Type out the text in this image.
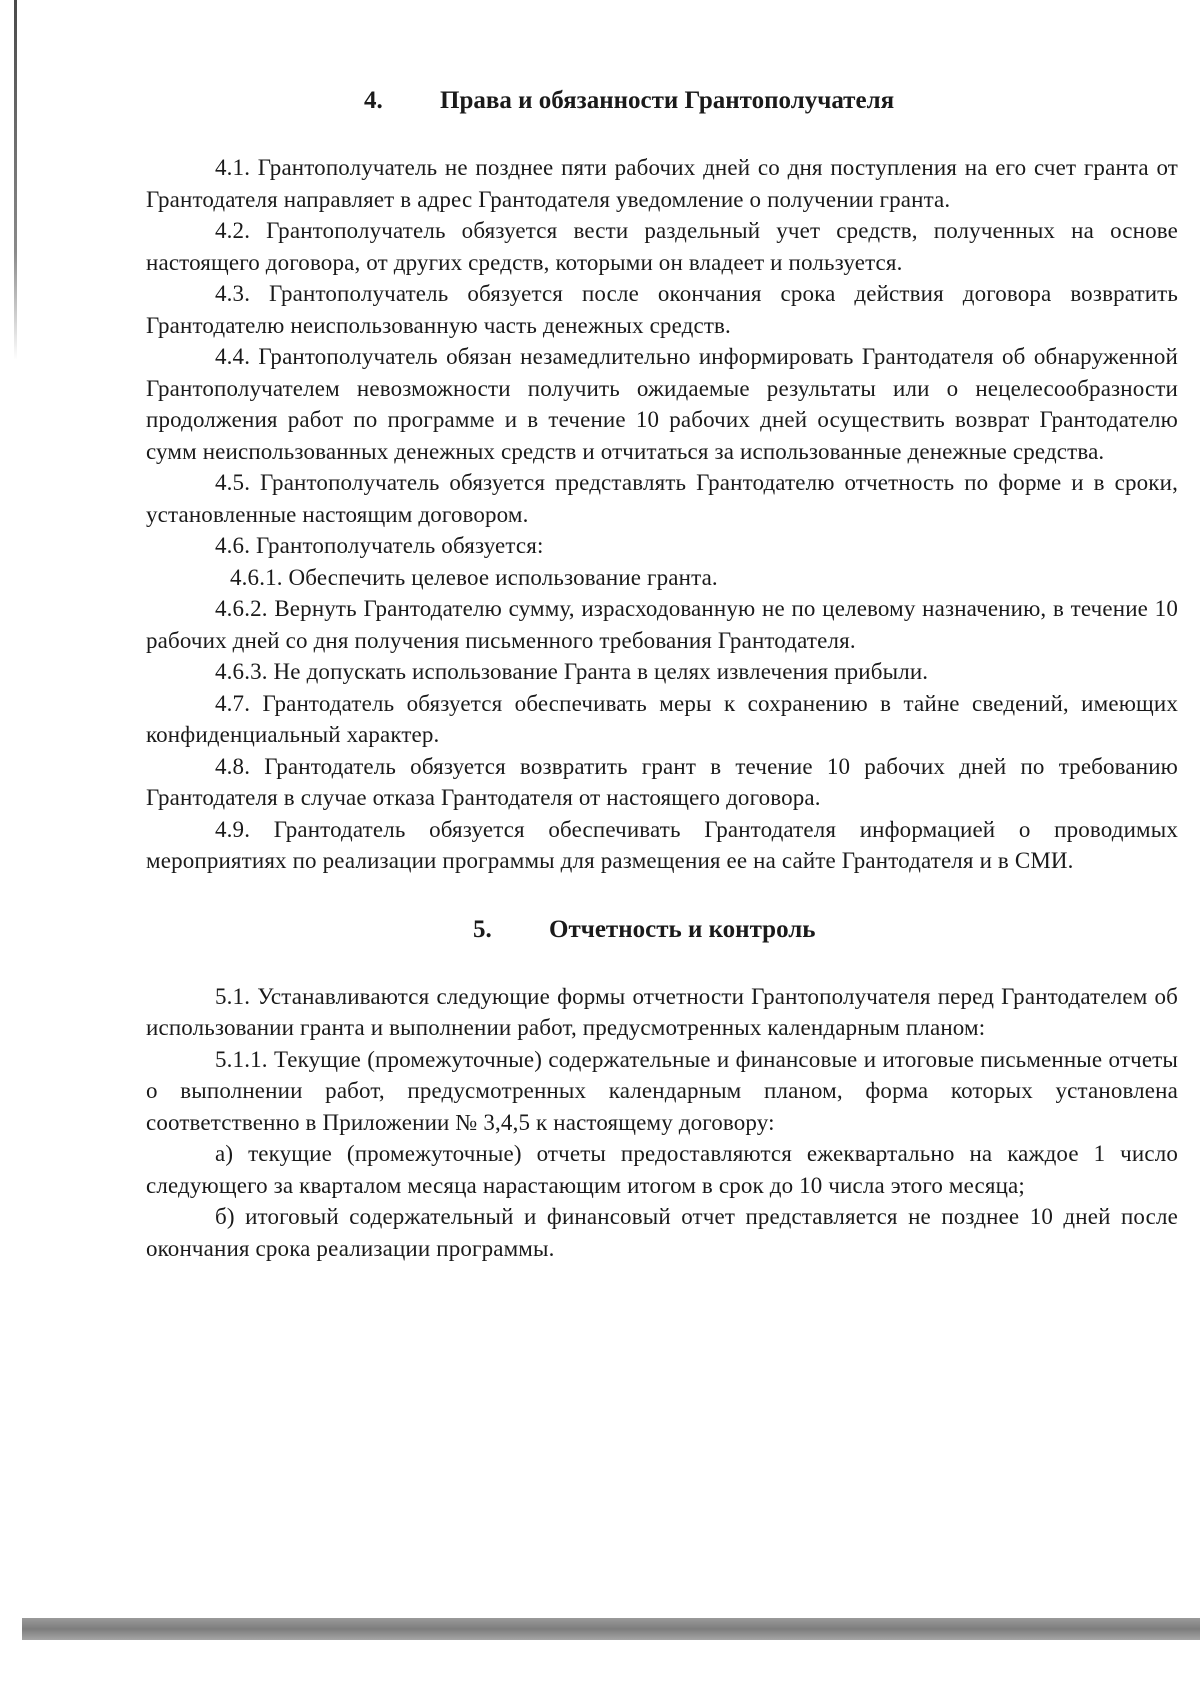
4. Права и обязанности Грантополучателя

4.1. Грантополучатель не позднее пяти рабочих дней со дня поступления на его счет гранта от Грантодателя направляет в адрес Грантодателя уведомление о получении гранта.

4.2. Грантополучатель обязуется вести раздельный учет средств, полученных на основе настоящего договора, от других средств, которыми он владеет и пользуется.

4.3. Грантополучатель обязуется после окончания срока действия договора возвратить Грантодателю неиспользованную часть денежных средств.

4.4. Грантополучатель обязан незамедлительно информировать Грантодателя об обнаруженной Грантополучателем невозможности получить ожидаемые результаты или о нецелесообразности продолжения работ по программе и в течение 10 рабочих дней осуществить возврат Грантодателю сумм неиспользованных денежных средств и отчитаться за использованные денежные средства.

4.5. Грантополучатель обязуется представлять Грантодателю отчетность по форме и в сроки, установленные настоящим договором.

4.6. Грантополучатель обязуется:

4.6.1. Обеспечить целевое использование гранта.

4.6.2. Вернуть Грантодателю сумму, израсходованную не по целевому назначению, в течение 10 рабочих дней со дня получения письменного требования Грантодателя.

4.6.3. Не допускать использование Гранта в целях извлечения прибыли.

4.7. Грантодатель обязуется обеспечивать меры к сохранению в тайне сведений, имеющих конфиденциальный характер.

4.8. Грантодатель обязуется возвратить грант в течение 10 рабочих дней по требованию Грантодателя в случае отказа Грантодателя от настоящего договора.

4.9. Грантодатель обязуется обеспечивать Грантодателя информацией о проводимых мероприятиях по реализации программы для размещения ее на сайте Грантодателя и в СМИ.

5. Отчетность и контроль

5.1. Устанавливаются следующие формы отчетности Грантополучателя перед Грантодателем об использовании гранта и выполнении работ, предусмотренных календарным планом:

5.1.1. Текущие (промежуточные) содержательные и финансовые и итоговые письменные отчеты о выполнении работ, предусмотренных календарным планом, форма которых установлена соответственно в Приложении № 3,4,5 к настоящему договору:

а) текущие (промежуточные) отчеты предоставляются ежеквартально на каждое 1 число следующего за кварталом месяца нарастающим итогом в срок до 10 числа этого месяца;

б) итоговый содержательный и финансовый отчет представляется не позднее 10 дней после окончания срока реализации программы.
